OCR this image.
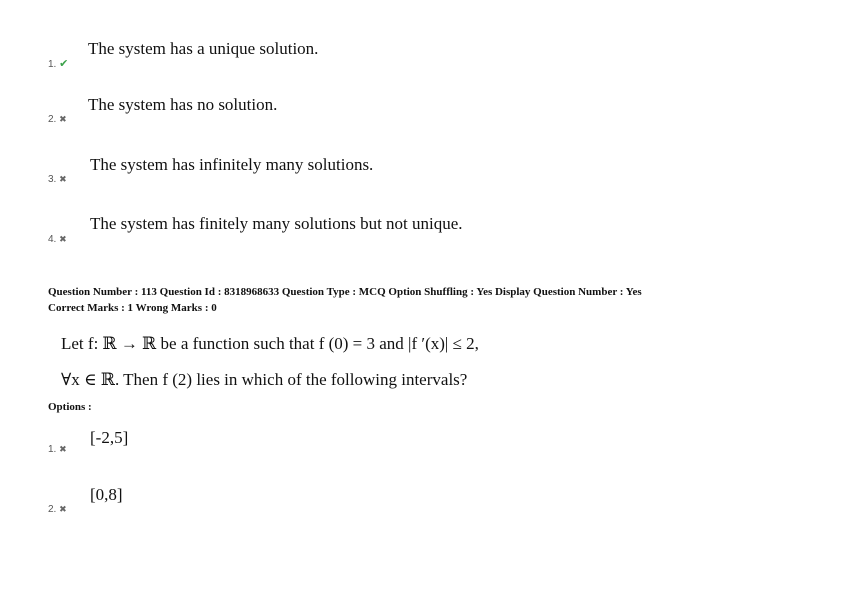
1. ✔
The system has a unique solution.
2. ✖
The system has no solution.
3. ✖
The system has infinitely many solutions.
4. ✖
The system has finitely many solutions but not unique.
Question Number : 113 Question Id : 8318968633 Question Type : MCQ Option Shuffling : Yes Display Question Number : Yes
Correct Marks : 1 Wrong Marks : 0
Let f: ℝ → ℝ be a function such that f (0) = 3 and |f ′(x)| ≤ 2,
∀x ∈ ℝ. Then f (2) lies in which of the following intervals?
Options :
1. ✖
[-2,5]
2. ✖
[0,8]
